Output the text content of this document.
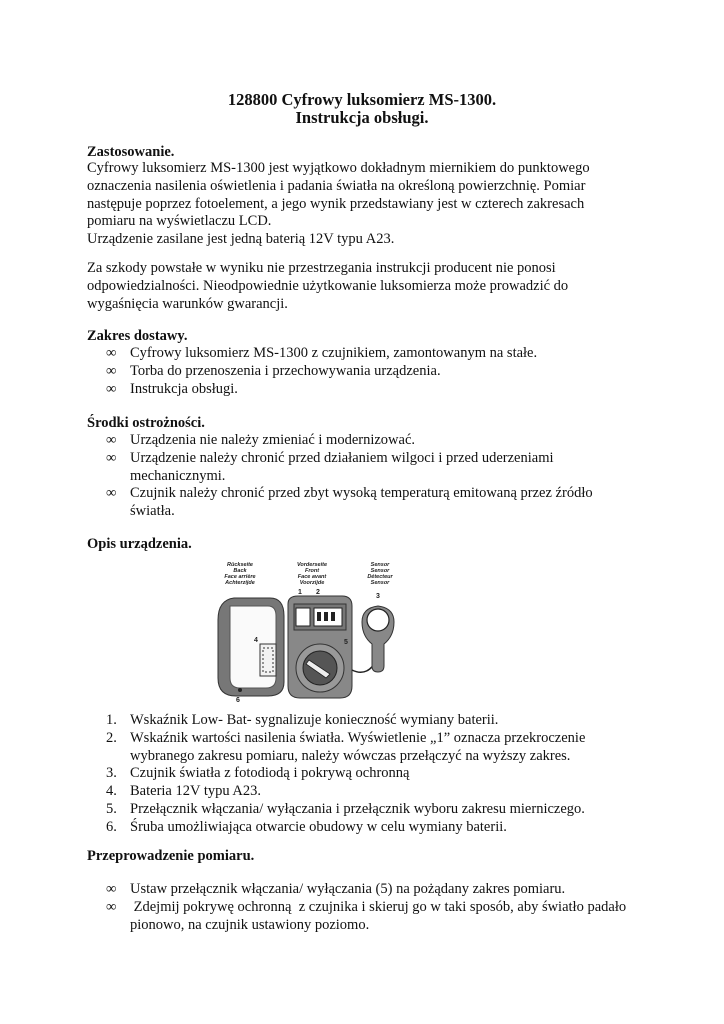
128800 Cyfrowy luksomierz MS-1300.
Instrukcja obsługi.
Zastosowanie.
Cyfrowy luksomierz MS-1300 jest wyjątkowo dokładnym miernikiem do punktowego
oznaczenia nasilenia oświetlenia i padania światła na określoną powierzchnię. Pomiar
następuje poprzez fotoelement, a jego wynik przedstawiany jest w czterech zakresach
pomiaru na wyświetlaczu LCD.
Urządzenie zasilane jest jedną baterią 12V typu A23.
Za szkody powstałe w wyniku nie przestrzegania instrukcji producent nie ponosi
odpowiedzialności. Nieodpowiednie użytkowanie luksomierza może prowadzić do
wygaśnięcia warunków gwarancji.
Zakres dostawy.
∞ Cyfrowy luksomierz MS-1300 z czujnikiem, zamontowanym na stałe.
∞ Torba do przenoszenia i przechowywania urządzenia.
∞ Instrukcja obsługi.
Środki ostrożności.
∞ Urządzenia nie należy zmieniać i modernizować.
∞ Urządzenie należy chronić przed działaniem wilgoci i przed uderzeniami
mechanicznymi.
∞ Czujnik należy chronić przed zbyt wysoką temperaturą emitowaną przez źródło
światła.
Opis urządzenia.
Rückseite
Back
Face arrière
Achterzijde
Vorderseite
Front
Face avant
Voorzijde
Sensor
Sensor
Détecteur
Sensor
1 2
3
4	5
6
1. Wskaźnik Low- Bat- sygnalizuje konieczność wymiany baterii.
2. Wskaźnik wartości nasilenia światła. Wyświetlenie „1” oznacza przekroczenie
wybranego zakresu pomiaru, należy wówczas przełączyć na wyższy zakres.
3. Czujnik światła z fotodiodą i pokrywą ochronną
4. Bateria 12V typu A23.
5. Przełącznik włączania/ wyłączania i przełącznik wyboru zakresu mierniczego.
6. Śruba umożliwiająca otwarcie obudowy w celu wymiany baterii.
Przeprowadzenie pomiaru.
∞ Ustaw przełącznik włączania/ wyłączania (5) na pożądany zakres pomiaru.
∞ Zdejmij pokrywę ochronną  z czujnika i skieruj go w taki sposób, aby światło padało
pionowo, na czujnik ustawiony poziomo.
